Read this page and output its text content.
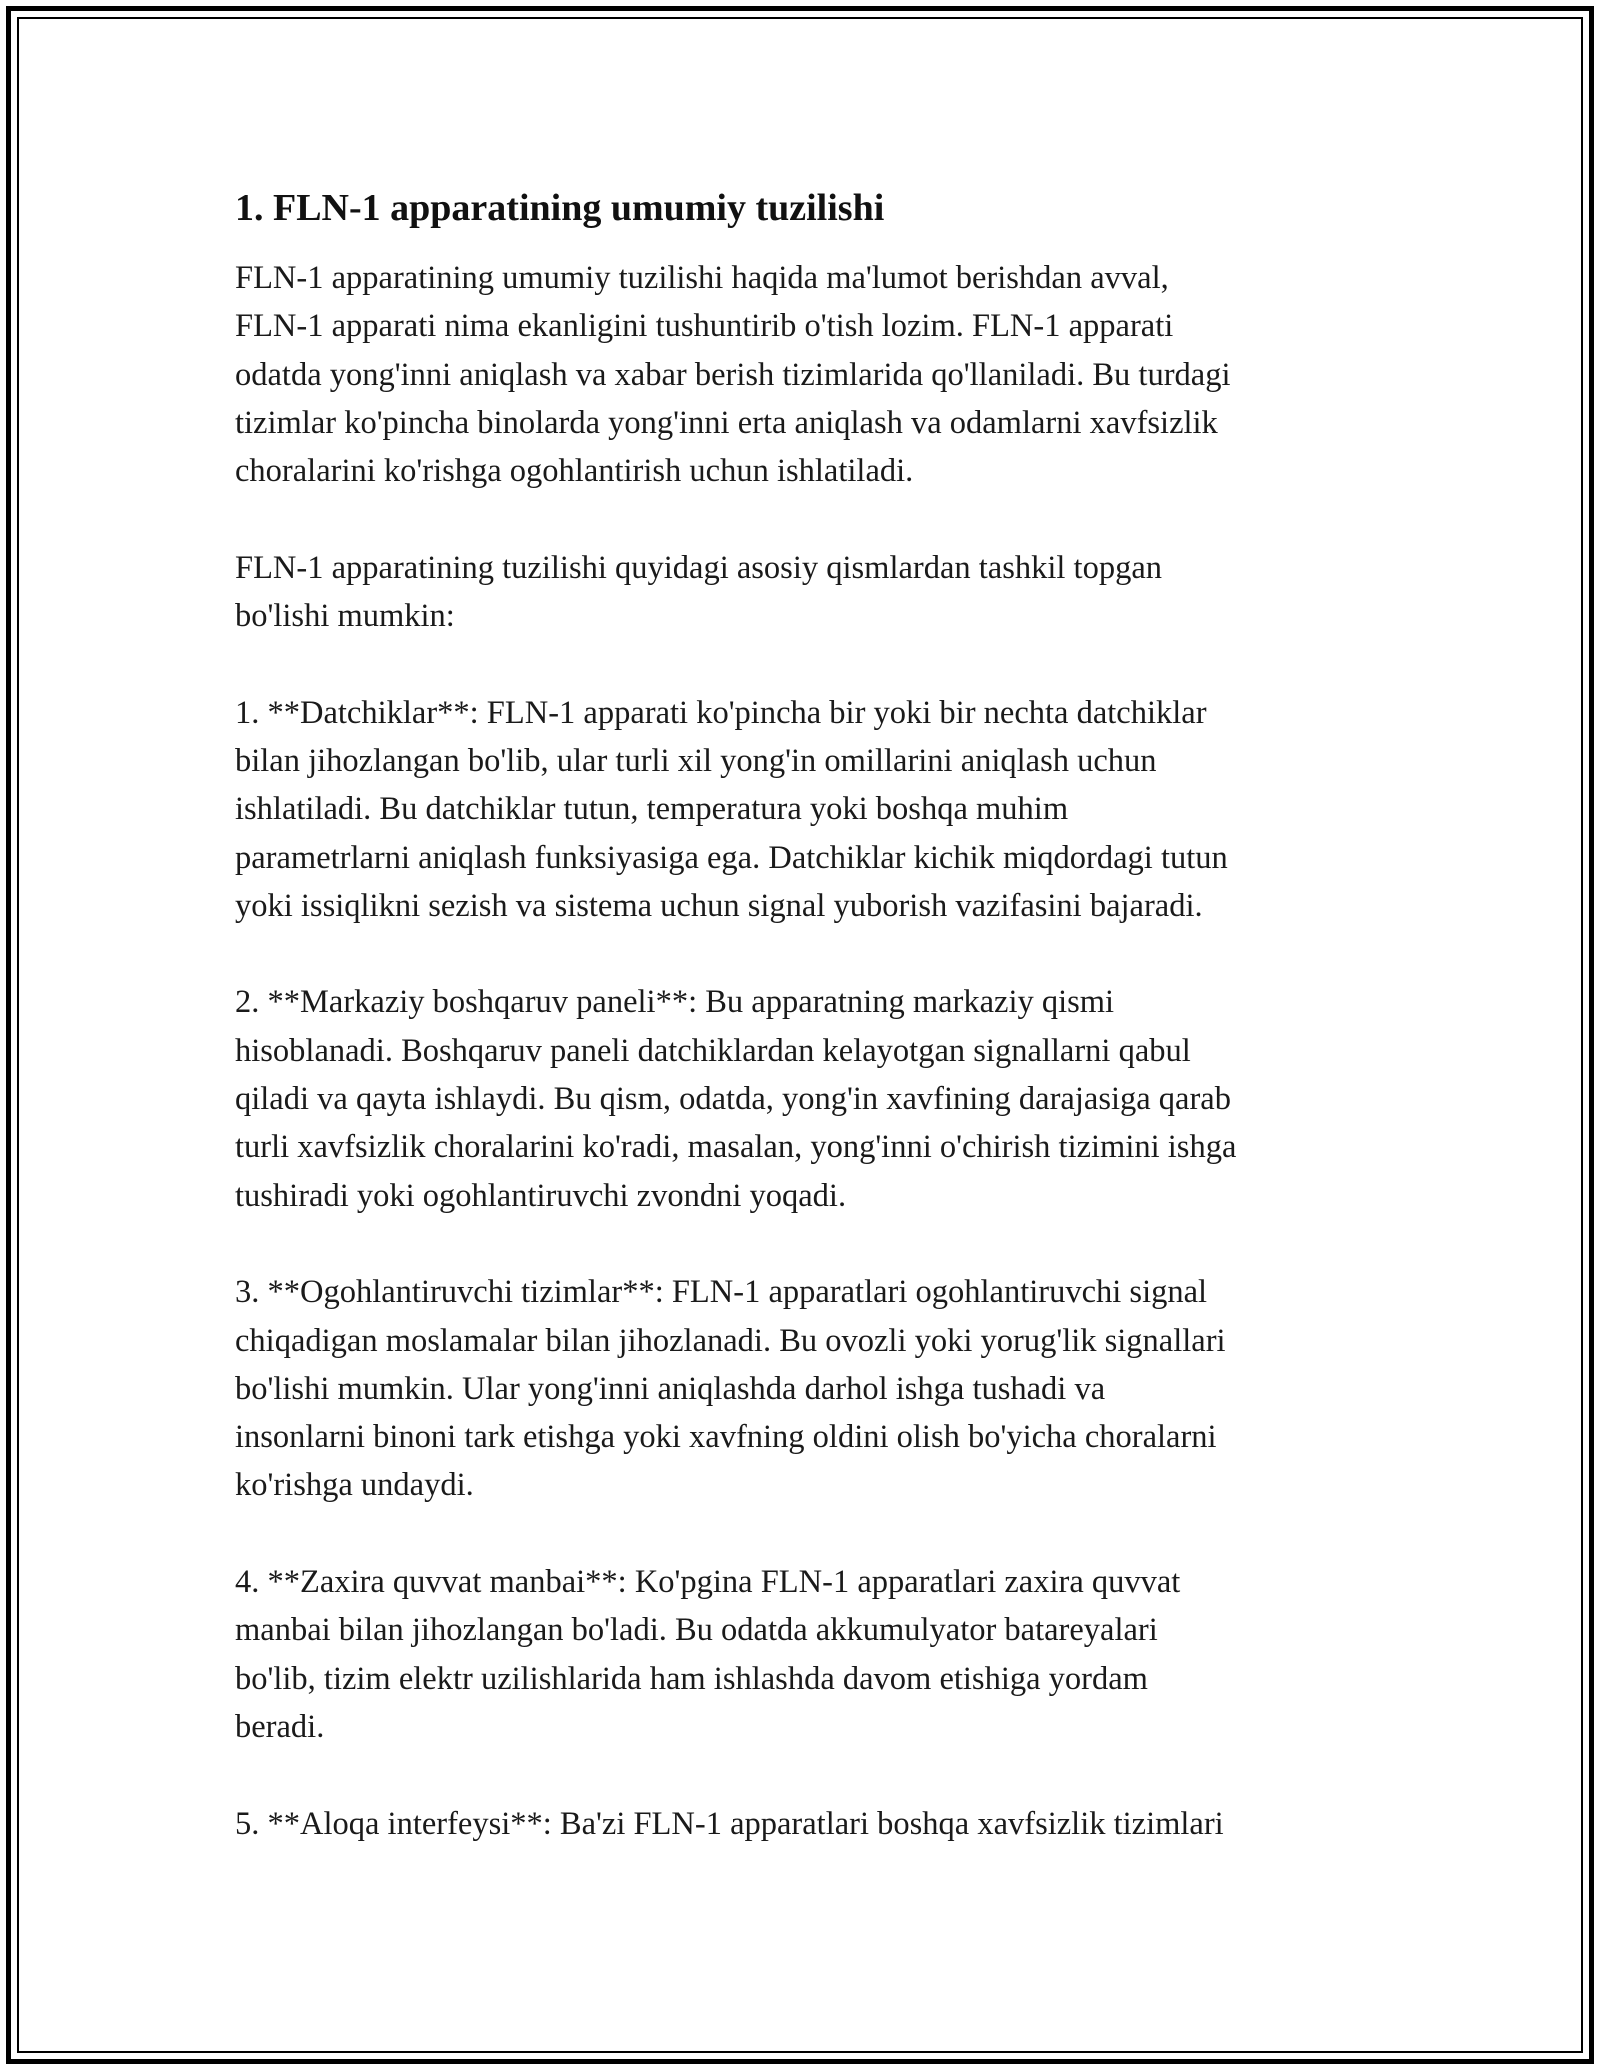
1. FLN-1 apparatining umumiy tuzilishi

FLN-1 apparatining umumiy tuzilishi haqida ma'lumot berishdan avval,
FLN-1 apparati nima ekanligini tushuntirib o'tish lozim. FLN-1 apparati
odatda yong'inni aniqlash va xabar berish tizimlarida qo'llaniladi. Bu turdagi
tizimlar ko'pincha binolarda yong'inni erta aniqlash va odamlarni xavfsizlik
choralarini ko'rishga ogohlantirish uchun ishlatiladi.

FLN-1 apparatining tuzilishi quyidagi asosiy qismlardan tashkil topgan
bo'lishi mumkin:

1. **Datchiklar**: FLN-1 apparati ko'pincha bir yoki bir nechta datchiklar
bilan jihozlangan bo'lib, ular turli xil yong'in omillarini aniqlash uchun
ishlatiladi. Bu datchiklar tutun, temperatura yoki boshqa muhim
parametrlarni aniqlash funksiyasiga ega. Datchiklar kichik miqdordagi tutun
yoki issiqlikni sezish va sistema uchun signal yuborish vazifasini bajaradi.

2. **Markaziy boshqaruv paneli**: Bu apparatning markaziy qismi
hisoblanadi. Boshqaruv paneli datchiklardan kelayotgan signallarni qabul
qiladi va qayta ishlaydi. Bu qism, odatda, yong'in xavfining darajasiga qarab
turli xavfsizlik choralarini ko'radi, masalan, yong'inni o'chirish tizimini ishga
tushiradi yoki ogohlantiruvchi zvondni yoqadi.

3. **Ogohlantiruvchi tizimlar**: FLN-1 apparatlari ogohlantiruvchi signal
chiqadigan moslamalar bilan jihozlanadi. Bu ovozli yoki yorug'lik signallari
bo'lishi mumkin. Ular yong'inni aniqlashda darhol ishga tushadi va
insonlarni binoni tark etishga yoki xavfning oldini olish bo'yicha choralarni
ko'rishga undaydi.

4. **Zaxira quvvat manbai**: Ko'pgina FLN-1 apparatlari zaxira quvvat
manbai bilan jihozlangan bo'ladi. Bu odatda akkumulyator batareyalari
bo'lib, tizim elektr uzilishlarida ham ishlashda davom etishiga yordam
beradi.

5. **Aloqa interfeysi**: Ba'zi FLN-1 apparatlari boshqa xavfsizlik tizimlari
